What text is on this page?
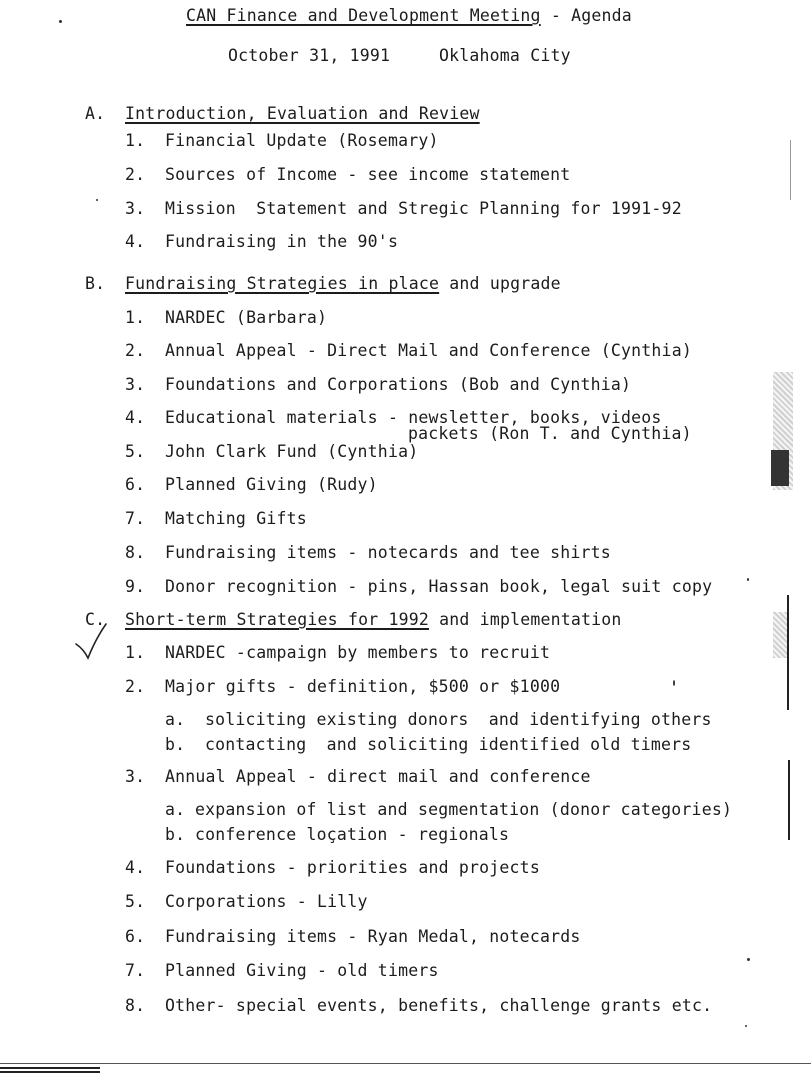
CAN Finance and Development Meeting - Agenda
October 31, 1991	Oklahoma City
A. Introduction, Evaluation and Review
1. Financial Update (Rosemary)
2. Sources of Income - see income statement
3. Mission  Statement and Stregic Planning for 1991-92
4. Fundraising in the 90's
B. Fundraising Strategies in place and upgrade
1. NARDEC (Barbara)
2. Annual Appeal - Direct Mail and Conference (Cynthia)
3. Foundations and Corporations (Bob and Cynthia)
4. Educational materials - newsletter, books, videos
packets (Ron T. and Cynthia)
5. John Clark Fund (Cynthia)
6. Planned Giving (Rudy)
7. Matching Gifts
8. Fundraising items - notecards and tee shirts
9. Donor recognition - pins, Hassan book, legal suit copy
C. Short-term Strategies for 1992 and implementation
1. NARDEC -campaign by members to recruit
2. Major gifts - definition, $500 or $1000
a. soliciting existing donors  and identifying others
b. contacting  and soliciting identified old timers
3. Annual Appeal - direct mail and conference
a. expansion of list and segmentation (donor categories)
b. conference loçation - regionals
4. Foundations - priorities and projects
5. Corporations - Lilly
6. Fundraising items - Ryan Medal, notecards
7. Planned Giving - old timers
8. Other- special events, benefits, challenge grants etc.
